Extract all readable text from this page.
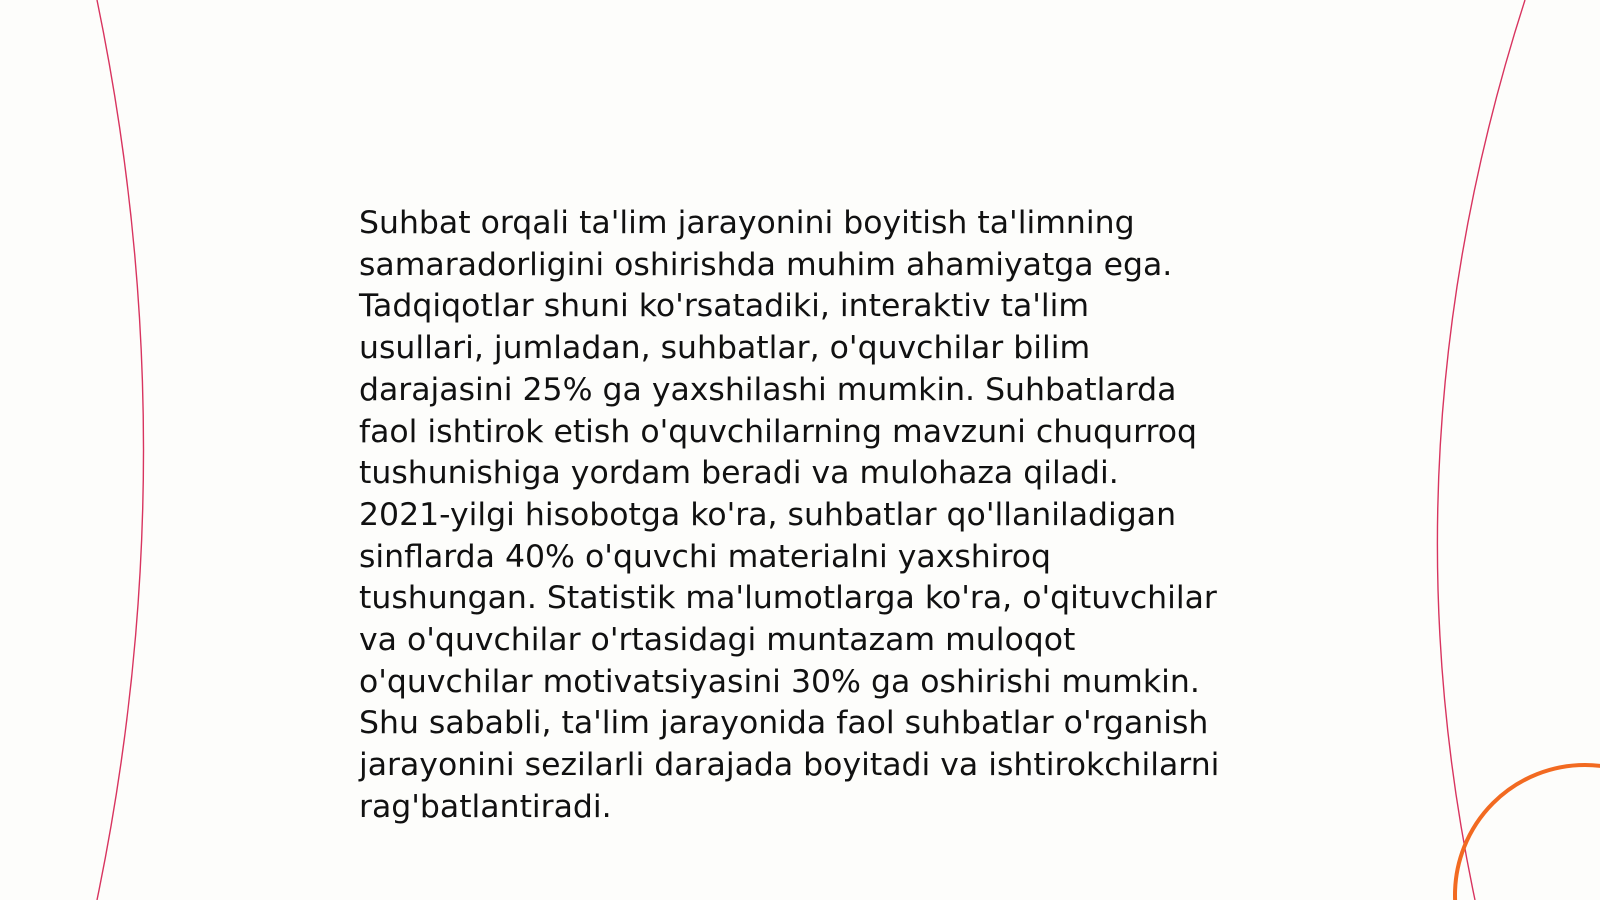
Suhbat orqali ta'lim jarayonini boyitish ta'limning
samaradorligini oshirishda muhim ahamiyatga ega.
Tadqiqotlar shuni ko'rsatadiki, interaktiv ta'lim
usullari, jumladan, suhbatlar, o'quvchilar bilim
darajasini 25% ga yaxshilashi mumkin. Suhbatlarda
faol ishtirok etish o'quvchilarning mavzuni chuqurroq
tushunishiga yordam beradi va mulohaza qiladi.
2021-yilgi hisobotga ko'ra, suhbatlar qo'llaniladigan
sinflarda 40% o'quvchi materialni yaxshiroq
tushungan. Statistik ma'lumotlarga ko'ra, o'qituvchilar
va o'quvchilar o'rtasidagi muntazam muloqot
o'quvchilar motivatsiyasini 30% ga oshirishi mumkin.
Shu sababli, ta'lim jarayonida faol suhbatlar o'rganish
jarayonini sezilarli darajada boyitadi va ishtirokchilarni
rag'batlantiradi.
